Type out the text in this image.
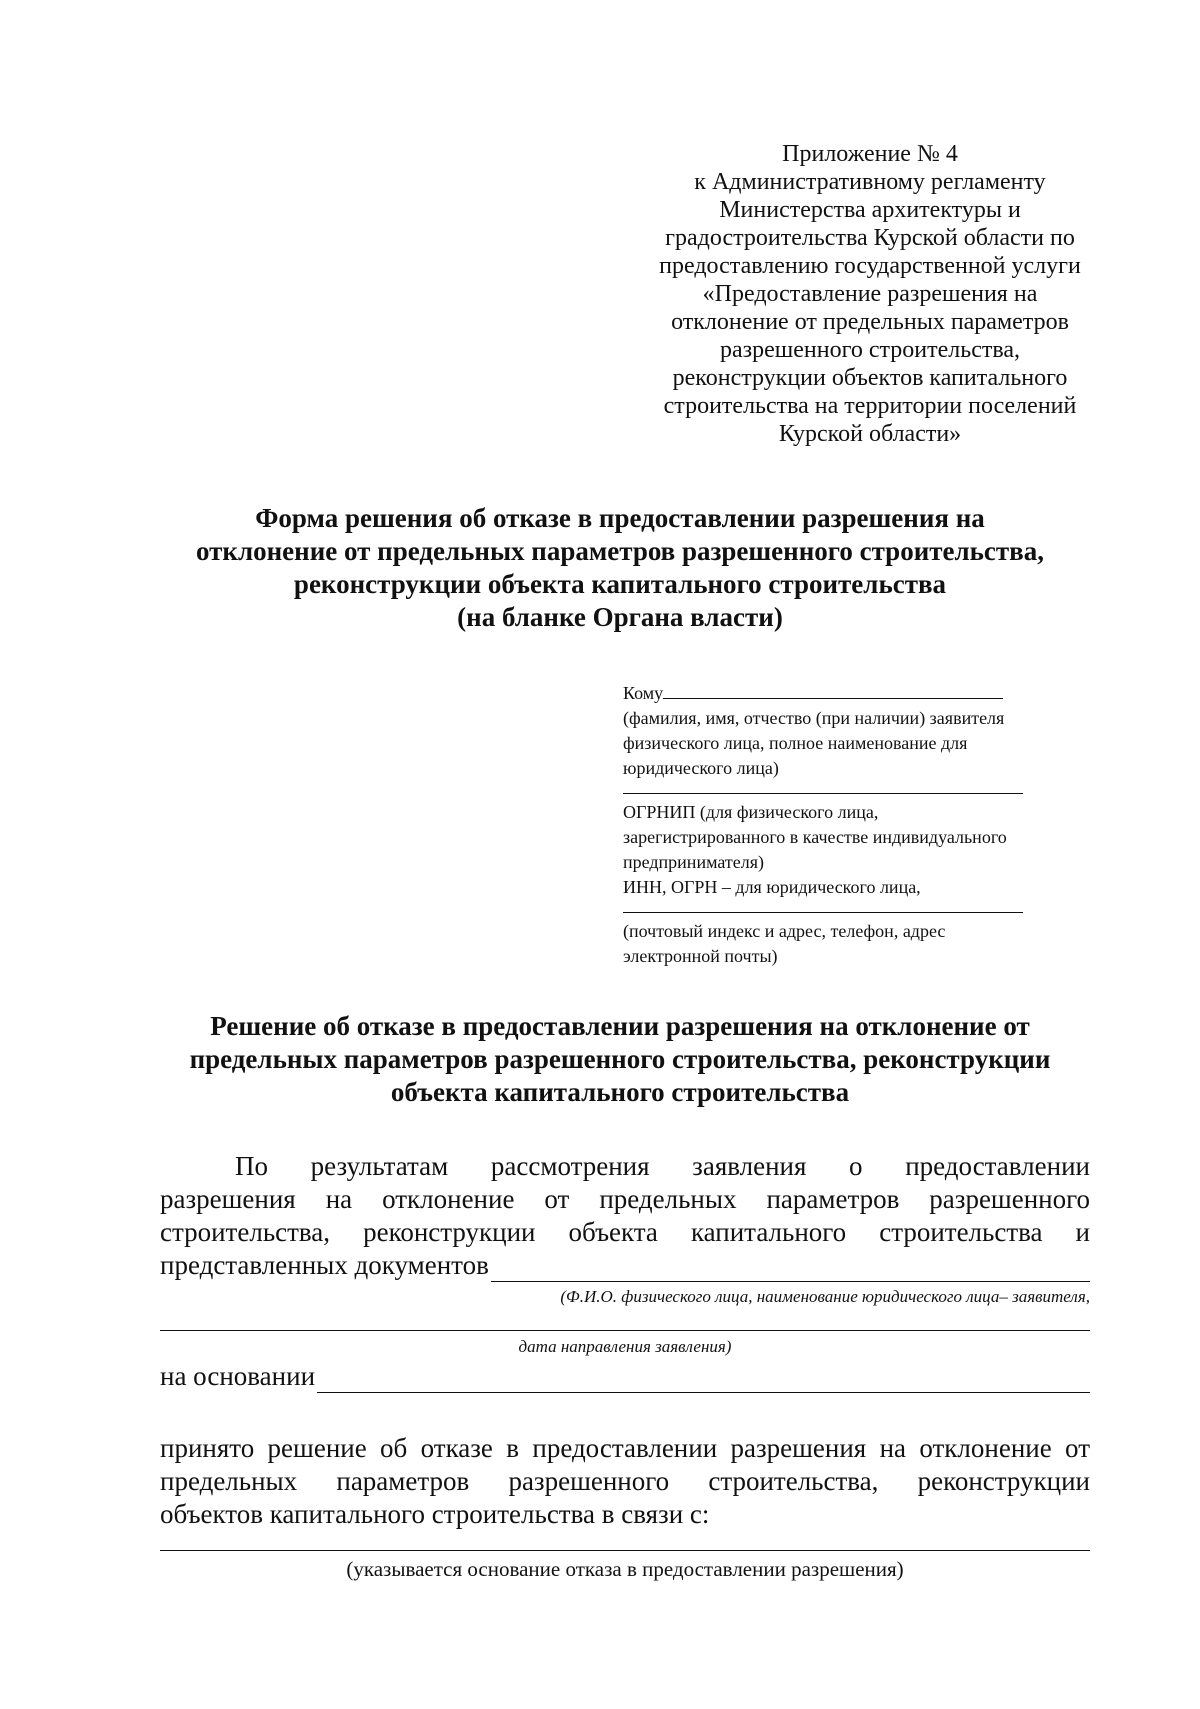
Приложение № 4
к Административному регламенту
Министерства архитектуры и
градостроительства Курской области по
предоставлению государственной услуги
«Предоставление разрешения на
отклонение от предельных параметров
разрешенного строительства,
реконструкции объектов капитального
строительства на территории поселений
Курской области»
Форма решения об отказе в предоставлении разрешения на
отклонение от предельных параметров разрешенного строительства,
реконструкции объекта капитального строительства
(на бланке Органа власти)
Кому
(фамилия, имя, отчество (при наличии) заявителя
физического лица, полное наименование для
юридического лица)
ОГРНИП (для физического лица,
зарегистрированного в качестве индивидуального
предпринимателя)
ИНН, ОГРН – для юридического лица,
(почтовый индекс и адрес, телефон, адрес
электронной почты)
Решение об отказе в предоставлении разрешения на отклонение от
предельных параметров разрешенного строительства, реконструкции
объекта капитального строительства
По результатам рассмотрения заявления о предоставлении
разрешения на отклонение от предельных параметров разрешенного
строительства, реконструкции объекта капитального строительства и
представленных документов
(Ф.И.О. физического лица, наименование юридического лица– заявителя,
дата направления заявления)
на основании
принято решение об отказе в предоставлении разрешения на отклонение от
предельных параметров разрешенного строительства, реконструкции
объектов капитального строительства в связи с:
(указывается основание отказа в предоставлении разрешения)
